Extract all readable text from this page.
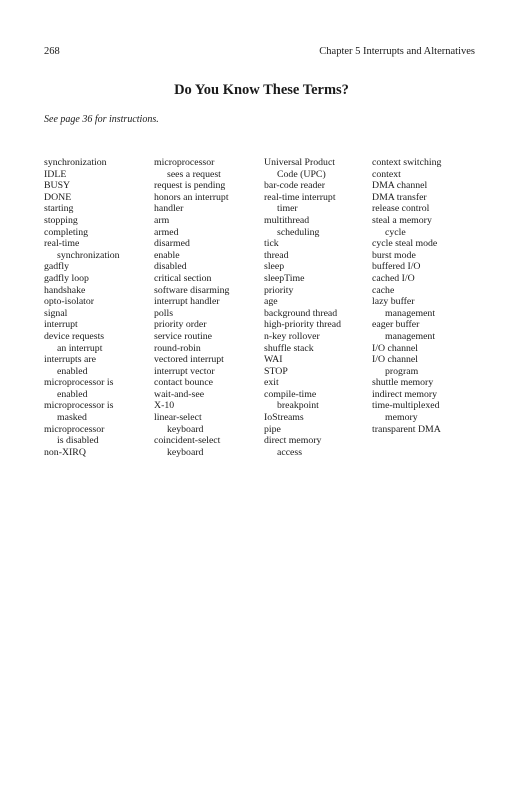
268	Chapter 5 Interrupts and Alternatives
Do You Know These Terms?
See page 36 for instructions.
synchronization
IDLE
BUSY
DONE
starting
stopping
completing
real-time
synchronization
gadfly
gadfly loop
handshake
opto-isolator
signal
interrupt
device requests
an interrupt
interrupts are
enabled
microprocessor is
enabled
microprocessor is
masked
microprocessor
is disabled
non-XIRQ
microprocessor
sees a request
request is pending
honors an interrupt
handler
arm
armed
disarmed
enable
disabled
critical section
software disarming
interrupt handler
polls
priority order
service routine
round-robin
vectored interrupt
interrupt vector
contact bounce
wait-and-see
X-10
linear-select
keyboard
coincident-select
keyboard
Universal Product
Code (UPC)
bar-code reader
real-time interrupt
timer
multithread
scheduling
tick
thread
sleep
sleepTime
priority
age
background thread
high-priority thread
n-key rollover
shuffle stack
WAI
STOP
exit
compile-time
breakpoint
IoStreams
pipe
direct memory
access
context switching
context
DMA channel
DMA transfer
release control
steal a memory
cycle
cycle steal mode
burst mode
buffered I/O
cached I/O
cache
lazy buffer
management
eager buffer
management
I/O channel
I/O channel
program
shuttle memory
indirect memory
time-multiplexed
memory
transparent DMA
